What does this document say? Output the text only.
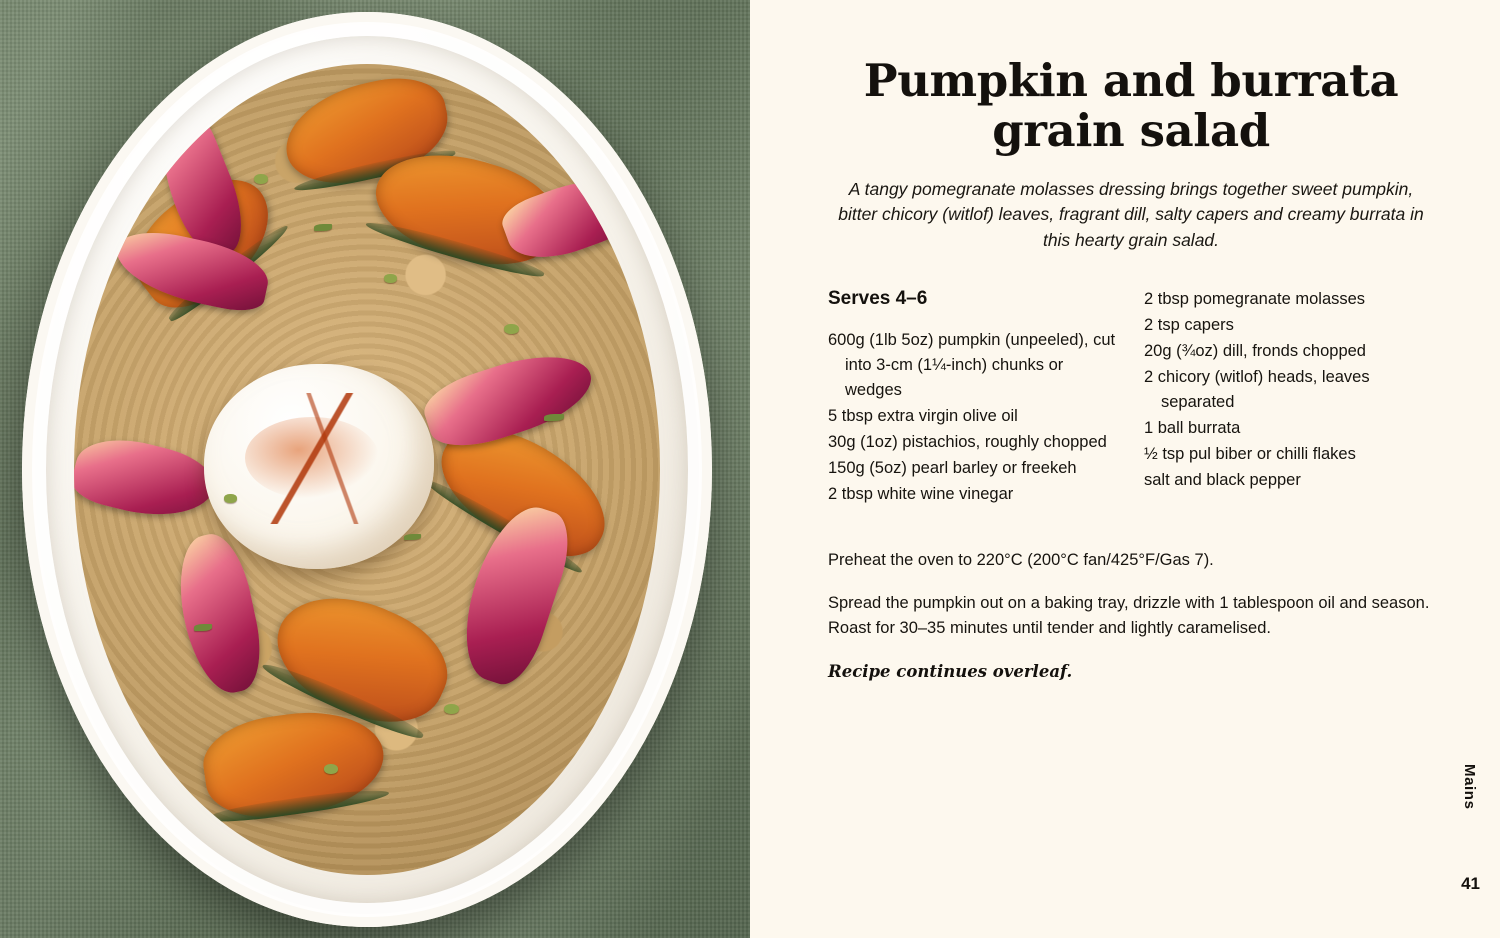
Pumpkin and burrata grain salad

A tangy pomegranate molasses dressing brings together sweet pumpkin, bitter chicory (witlof) leaves, fragrant dill, salty capers and creamy burrata in this hearty grain salad.

Serves 4–6
600g (1lb 5oz) pumpkin (unpeeled), cut into 3-cm (1¼-inch) chunks or wedges
5 tbsp extra virgin olive oil
30g (1oz) pistachios, roughly chopped
150g (5oz) pearl barley or freekeh
2 tbsp white wine vinegar
2 tbsp pomegranate molasses
2 tsp capers
20g (¾oz) dill, fronds chopped
2 chicory (witlof) heads, leaves separated
1 ball burrata
½ tsp pul biber or chilli flakes
salt and black pepper

Preheat the oven to 220°C (200°C fan/425°F/Gas 7).

Spread the pumpkin out on a baking tray, drizzle with 1 tablespoon oil and season. Roast for 30–35 minutes until tender and lightly caramelised.

Recipe continues overleaf.
Mains
41
